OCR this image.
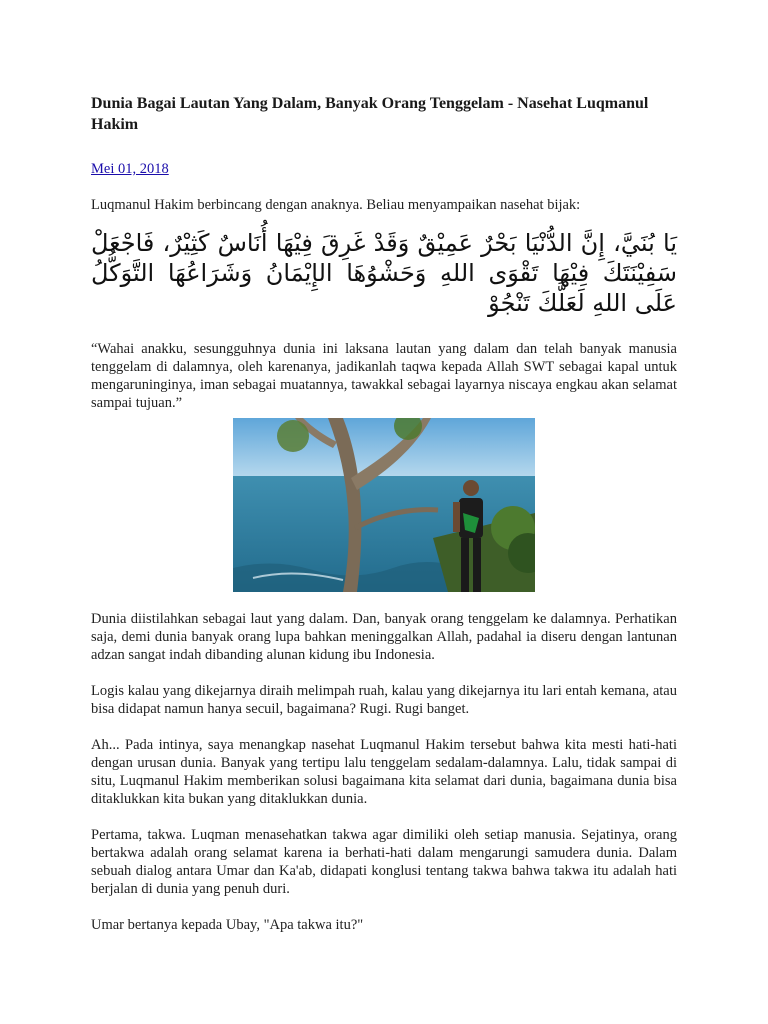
Dunia Bagai Lautan Yang Dalam, Banyak Orang Tenggelam - Nasehat Luqmanul Hakim
Mei 01, 2018

Luqmanul Hakim berbincang dengan anaknya. Beliau menyampaikan nasehat bijak:

يَا بُنَيَّ، إِنَّ الدُّنْيَا بَحْرٌ عَمِيْقٌ وَقَدْ غَرِقَ فِيْهَا أُنَاسٌ كَثِيْرٌ، فَاجْعَلْ سَفِيْنَتَكَ فِيْهَا تَقْوَى اللهِ وَحَشْوُهَا الإِيْمَانُ وَشَرَاعُهَا التَّوَكُّلُ عَلَى اللهِ لَعَلَّكَ تَنْجُوْ

“Wahai anakku, sesungguhnya dunia ini laksana lautan yang dalam dan telah banyak manusia tenggelam di dalamnya, oleh karenanya, jadikanlah taqwa kepada Allah SWT sebagai kapal untuk mengaruninginya, iman sebagai muatannya, tawakkal sebagai layarnya niscaya engkau akan selamat sampai tujuan.”

Dunia diistilahkan sebagai laut yang dalam. Dan, banyak orang tenggelam ke dalamnya. Perhatikan saja, demi dunia banyak orang lupa bahkan meninggalkan Allah, padahal ia diseru dengan lantunan adzan sangat indah dibanding alunan kidung ibu Indonesia.

Logis kalau yang dikejarnya diraih melimpah ruah, kalau yang dikejarnya itu lari entah kemana, atau bisa didapat namun hanya secuil, bagaimana? Rugi. Rugi banget.

Ah... Pada intinya, saya menangkap nasehat Luqmanul Hakim tersebut bahwa kita mesti hati-hati dengan urusan dunia. Banyak yang tertipu lalu tenggelam sedalam-dalamnya. Lalu, tidak sampai di situ, Luqmanul Hakim memberikan solusi bagaimana kita selamat dari dunia, bagaimana dunia bisa ditaklukkan kita bukan yang ditaklukkan dunia.

Pertama, takwa. Luqman menasehatkan takwa agar dimiliki oleh setiap manusia. Sejatinya, orang bertakwa adalah orang selamat karena ia berhati-hati dalam mengarungi samudera dunia. Dalam sebuah dialog antara Umar dan Ka'ab, didapati konglusi tentang takwa bahwa takwa itu adalah hati berjalan di dunia yang penuh duri.

Umar bertanya kepada Ubay, "Apa takwa itu?"
